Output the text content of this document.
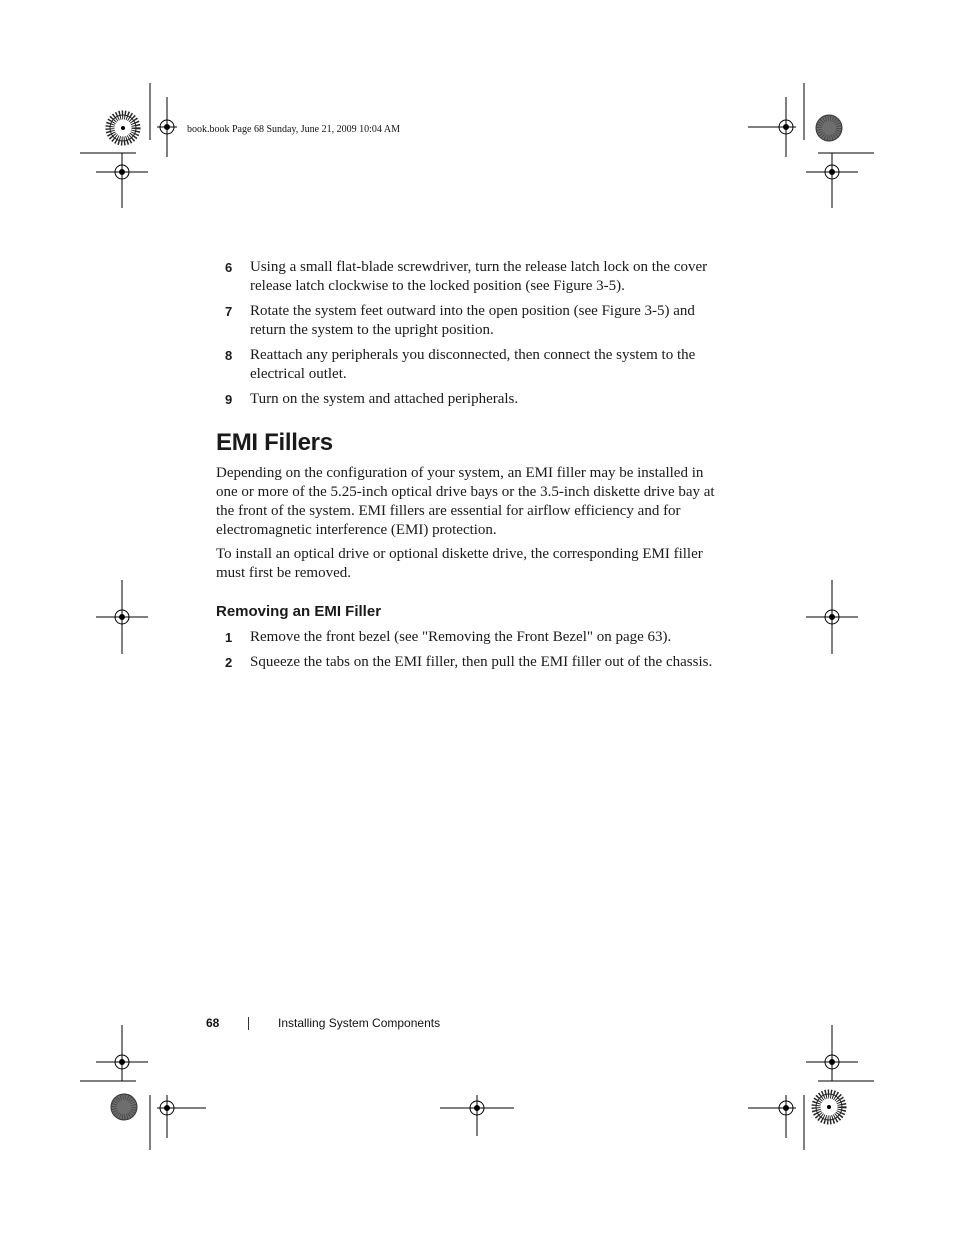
book.book Page 68 Sunday, June 21, 2009 10:04 AM
6 Using a small flat-blade screwdriver, turn the release latch lock on the cover release latch clockwise to the locked position (see Figure 3-5).
7 Rotate the system feet outward into the open position (see Figure 3-5) and return the system to the upright position.
8 Reattach any peripherals you disconnected, then connect the system to the electrical outlet.
9 Turn on the system and attached peripherals.
EMI Fillers

Depending on the configuration of your system, an EMI filler may be installed in one or more of the 5.25-inch optical drive bays or the 3.5-inch diskette drive bay at the front of the system. EMI fillers are essential for airflow efficiency and for electromagnetic interference (EMI) protection.

To install an optical drive or optional diskette drive, the corresponding EMI filler must first be removed.

Removing an EMI Filler
1 Remove the front bezel (see "Removing the Front Bezel" on page 63).
2 Squeeze the tabs on the EMI filler, then pull the EMI filler out of the chassis.
68	Installing System Components
